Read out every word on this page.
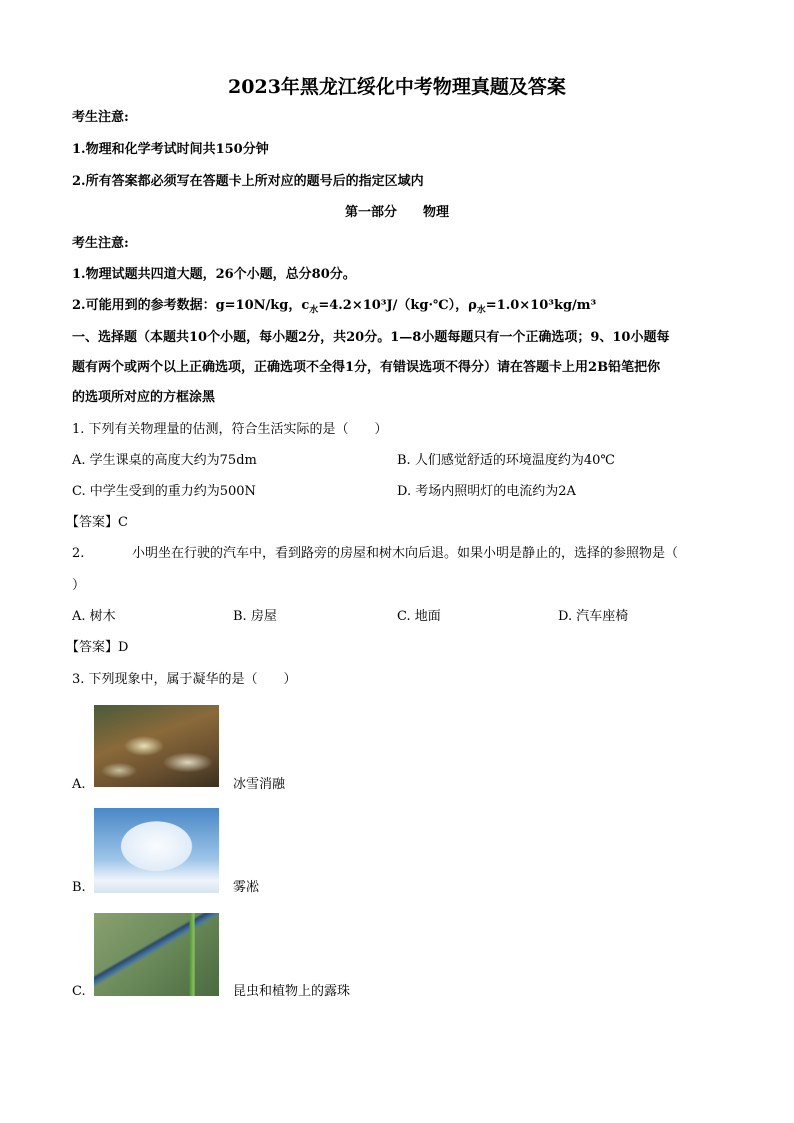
2023年黑龙江绥化中考物理真题及答案
考生注意:
1.物理和化学考试时间共150分钟
2.所有答案都必须写在答题卡上所对应的题号后的指定区域内
第一部分　　物理
考生注意:
1.物理试题共四道大题，26个小题，总分80分。
2.可能用到的参考数据：g=10N/kg，$c_水=4.2\times 10^3J/(kg\cdot℃)$，$\rho_水=1.0\times 10^3kg/m^3$
一、选择题（本题共10个小题，每小题2分，共20分。1—8小题每题只有一个正确选项；9、10小题每
题有两个或两个以上正确选项，正确选项不全得1分，有错误选项不得分）请在答题卡上用2B铅笔把你
的选项所对应的方框涂黑
1. 下列有关物理量的估测，符合生活实际的是（　　）
A. 学生课桌的高度大约为75dm	B. 人们感觉舒适的环境温度约为40℃
C. 中学生受到的重力约为500N	D. 考场内照明灯的电流约为2A
【答案】C
2.	小明坐在行驶的汽车中，看到路旁的房屋和树木向后退。如果小明是静止的，选择的参照物是（
）
A. 树木	B. 房屋	C. 地面	D. 汽车座椅
【答案】D
3. 下列现象中，属于凝华的是（　　）
A.	冰雪消融
B.	雾凇
C.	昆虫和植物上的露珠
